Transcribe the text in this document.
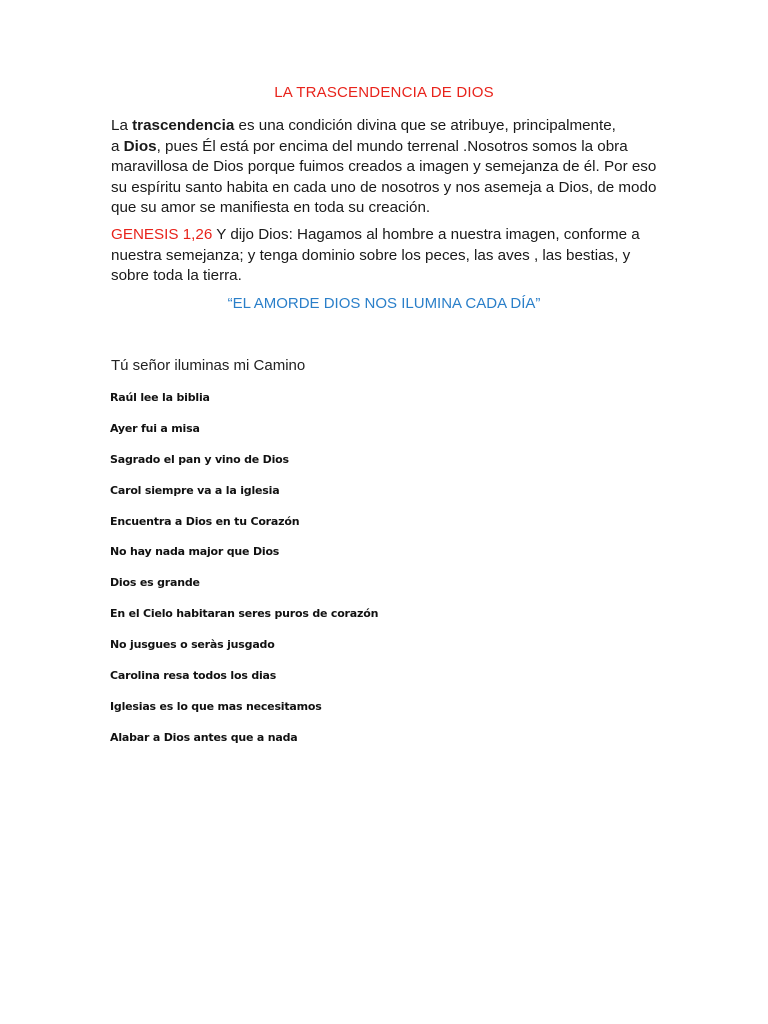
LA TRASCENDENCIA DE DIOS
La trascendencia es una condición divina que se atribuye, principalmente,
a Dios, pues Él está por encima del mundo terrenal .Nosotros somos la obra maravillosa de Dios porque fuimos creados a imagen y semejanza de él. Por eso su espíritu santo habita en cada uno de nosotros y nos asemeja a Dios, de modo que su amor se manifiesta en toda su creación.
GENESIS 1,26 Y dijo Dios: Hagamos al hombre a nuestra imagen, conforme a nuestra semejanza; y tenga dominio sobre los peces, las aves , las bestias, y sobre toda la tierra.
“EL AMORDE DIOS NOS ILUMINA CADA DÍA”
Tú señor iluminas mi Camino
Raúl lee la biblia
Ayer fui a misa
Sagrado el pan y vino de Dios
Carol siempre va a la iglesia
Encuentra a Dios en tu Corazón
No hay nada major que Dios
Dios es grande
En el Cielo habitaran seres puros de corazón
No jusgues o seràs jusgado
Carolina resa todos los dias
Iglesias es lo que mas necesitamos
Alabar a Dios antes que a nada
